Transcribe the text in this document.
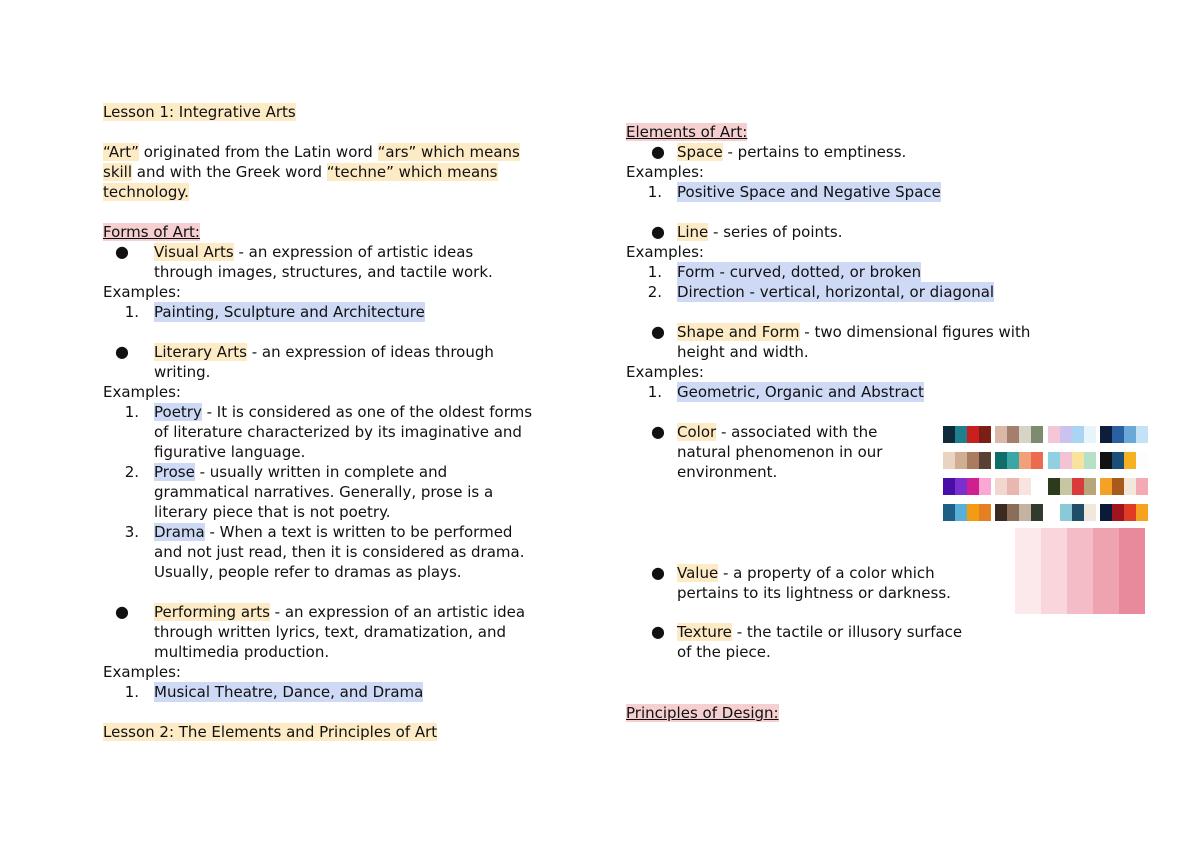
Lesson 1: Integrative Arts
“Art” originated from the Latin word “ars” which means
skill and with the Greek word “techne” which means
technology.
Forms of Art:
● Visual Arts - an expression of artistic ideas
through images, structures, and tactile work.
Examples:
1. Painting, Sculpture and Architecture
● Literary Arts - an expression of ideas through
writing.
Examples:
1. Poetry - It is considered as one of the oldest forms
of literature characterized by its imaginative and
figurative language.
2. Prose - usually written in complete and
grammatical narratives. Generally, prose is a
literary piece that is not poetry.
3. Drama - When a text is written to be performed
and not just read, then it is considered as drama.
Usually, people refer to dramas as plays.
● Performing arts - an expression of an artistic idea
through written lyrics, text, dramatization, and
multimedia production.
Examples:
1. Musical Theatre, Dance, and Drama
Lesson 2: The Elements and Principles of Art
Elements of Art:
● Space - pertains to emptiness.
Examples:
1. Positive Space and Negative Space
● Line - series of points.
Examples:
1. Form - curved, dotted, or broken
2. Direction - vertical, horizontal, or diagonal
● Shape and Form - two dimensional figures with
height and width.
Examples:
1. Geometric, Organic and Abstract
● Color - associated with the
natural phenomenon in our
environment.
● Value - a property of a color which
pertains to its lightness or darkness.
● Texture - the tactile or illusory surface
of the piece.
Principles of Design:
